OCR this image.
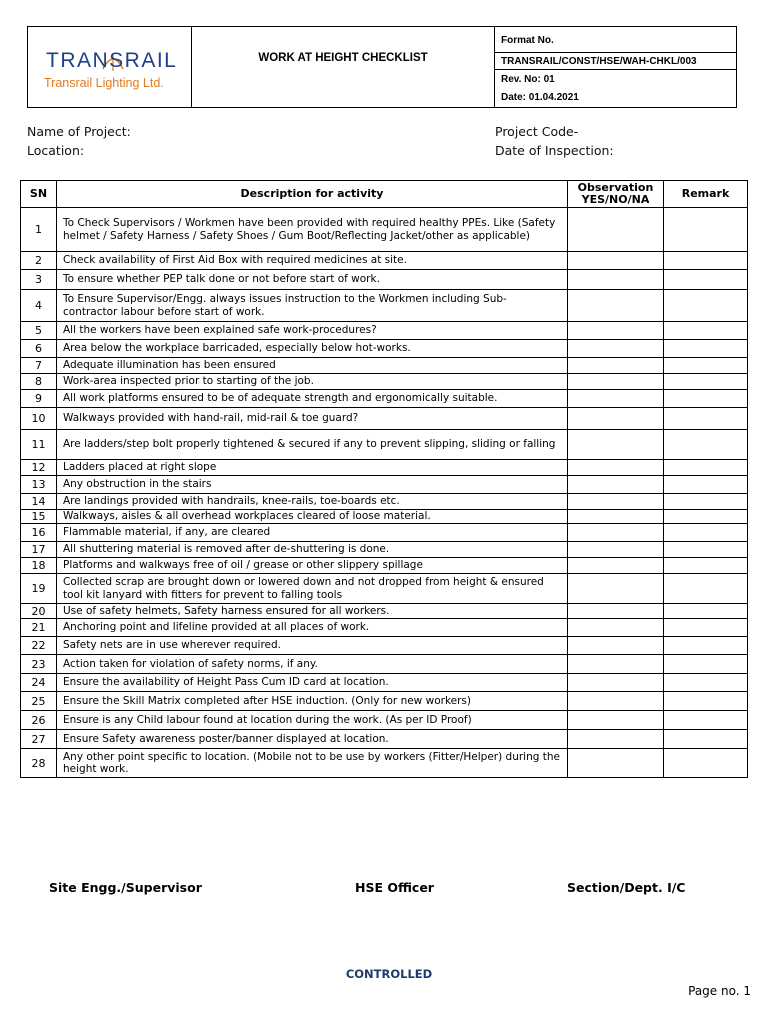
TRANSRAIL
Transrail Lighting Ltd.
WORK AT HEIGHT CHECKLIST
Format No.
TRANSRAIL/CONST/HSE/WAH-CHKL/003
Rev. No: 01
Date: 01.04.2021
Name of Project:
Location:
Project Code-
Date of Inspection:
SN	Description for activity	Observation YES/NO/NA	Remark
1	To Check Supervisors / Workmen have been provided with required healthy PPEs. Like (Safety helmet / Safety Harness / Safety Shoes / Gum Boot/Reflecting Jacket/other as applicable)		
2	Check availability of First Aid Box with required medicines at site.		
3	To ensure whether PEP talk done or not before start of work.		
4	To Ensure Supervisor/Engg. always issues instruction to the Workmen including Sub-contractor labour before start of work.		
5	All the workers have been explained safe work-procedures?		
6	Area below the workplace barricaded, especially below hot-works.		
7	Adequate illumination has been ensured		
8	Work-area inspected prior to starting of the job.		
9	All work platforms ensured to be of adequate strength and ergonomically suitable.		
10	Walkways provided with hand-rail, mid-rail & toe guard?		
11	Are ladders/step bolt properly tightened & secured if any to prevent slipping, sliding or falling		
12	Ladders placed at right slope		
13	Any obstruction in the stairs		
14	Are landings provided with handrails, knee-rails, toe-boards etc.		
15	Walkways, aisles & all overhead workplaces cleared of loose material.		
16	Flammable material, if any, are cleared		
17	All shuttering material is removed after de-shuttering is done.		
18	Platforms and walkways free of oil / grease or other slippery spillage		
19	Collected scrap are brought down or lowered down and not dropped from height & ensured tool kit lanyard with fitters for prevent to falling tools		
20	Use of safety helmets, Safety harness ensured for all workers.		
21	Anchoring point and lifeline provided at all places of work.		
22	Safety nets are in use wherever required.		
23	Action taken for violation of safety norms, if any.		
24	Ensure the availability of Height Pass Cum ID card at location.		
25	Ensure the Skill Matrix completed after HSE induction. (Only for new workers)		
26	Ensure is any Child labour found at location during the work. (As per ID Proof)		
27	Ensure Safety awareness poster/banner displayed at location.		
28	Any other point specific to location. (Mobile not to be use by workers (Fitter/Helper) during the height work.		
Site Engg./Supervisor	HSE Officer	Section/Dept. I/C
CONTROLLED
Page no. 1
